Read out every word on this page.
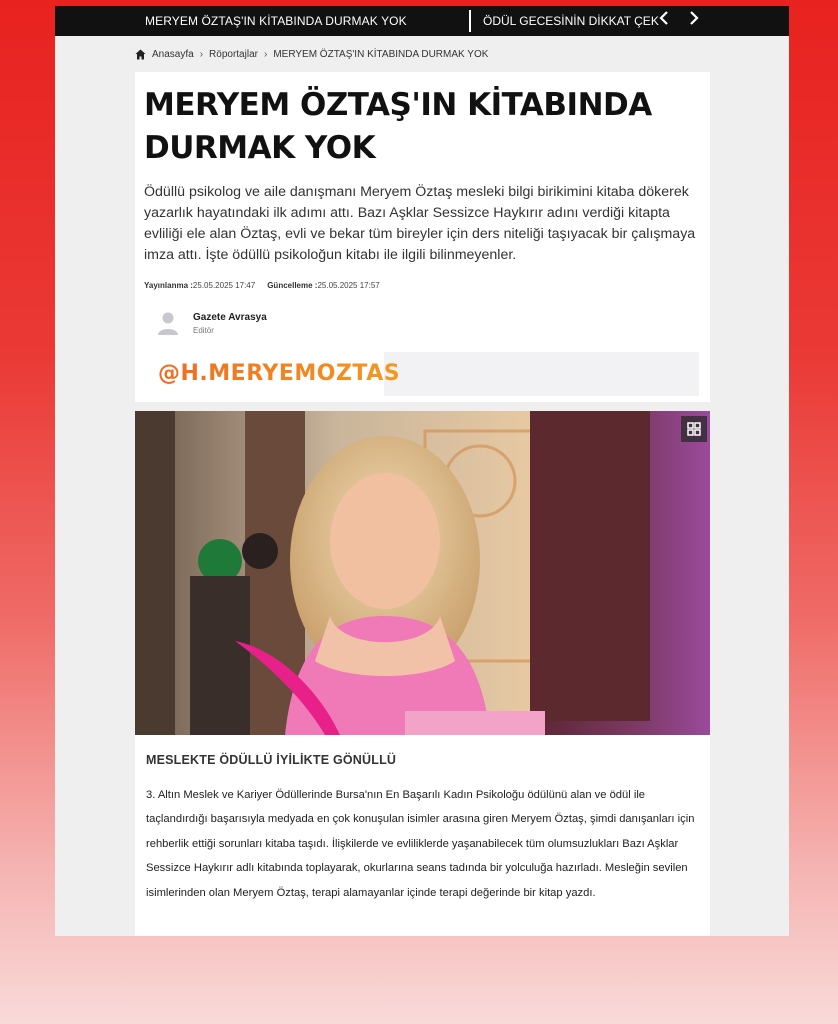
MERYEM ÖZTAŞ'IN KİTABINDA DURMAK YOK	ÖDÜL GECESİNİN DİKKAT ÇEK
Anasayfa › Röportajlar › MERYEM ÖZTAŞ'IN KİTABINDA DURMAK YOK
MERYEM ÖZTAŞ'IN KİTABINDA DURMAK YOK

Ödüllü psikolog ve aile danışmanı Meryem Öztaş mesleki bilgi birikimini kitaba dökerek yazarlık hayatındaki ilk adımı attı. Bazı Aşklar Sessizce Haykırır adını verdiği kitapta evliliği ele alan Öztaş, evli ve bekar tüm bireyler için ders niteliği taşıyacak bir çalışmaya imza attı. İşte ödüllü psikoloğun kitabı ile ilgili bilinmeyenler.

Yayınlanma :25.05.2025 17:47 Güncelleme :25.05.2025 17:57
Gazete Avrasya
Editör
@H.MERYEMOZTAS
MESLEKTE ÖDÜLLÜ İYİLİKTE GÖNÜLLÜ

3. Altın Meslek ve Kariyer Ödüllerinde Bursa'nın En Başarılı Kadın Psikoloğu ödülünü alan ve ödül ile taçlandırdığı başarısıyla medyada en çok konuşulan isimler arasına giren Meryem Öztaş, şimdi danışanları için rehberlik ettiği sorunları kitaba taşıdı. İlişkilerde ve evliliklerde yaşanabilecek tüm olumsuzlukları Bazı Aşklar Sessizce Haykırır adlı kitabında toplayarak, okurlarına seans tadında bir yolculuğa hazırladı. Mesleğin sevilen isimlerinden olan Meryem Öztaş, terapi alamayanlar içinde terapi değerinde bir kitap yazdı.
